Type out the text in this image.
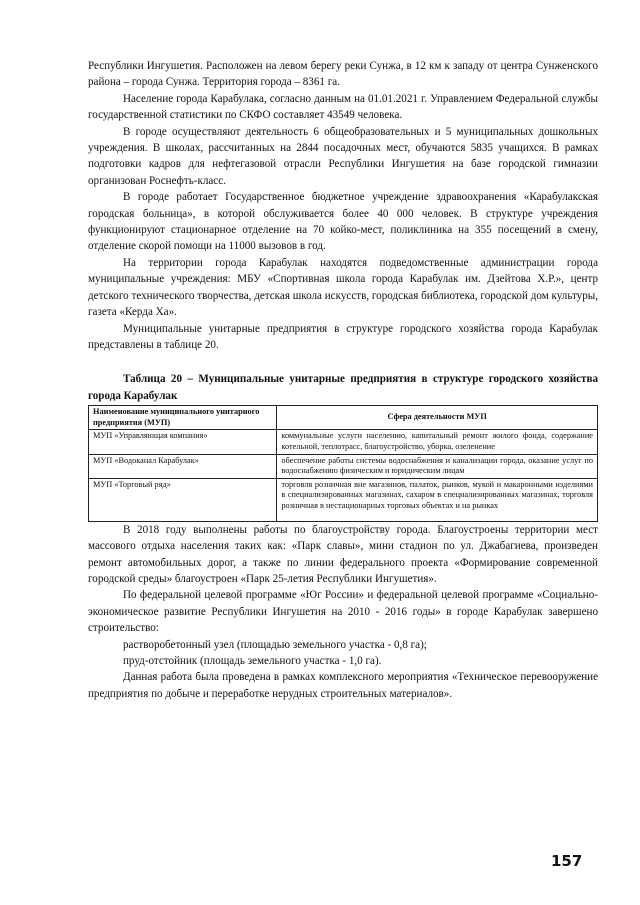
Республики Ингушетия. Расположен на левом берегу реки Сунжа, в 12 км к западу от центра Сунженского района – города Сунжа. Территория города – 8361 га.

Население города Карабулака, согласно данным на 01.01.2021 г. Управлением Федеральной службы государственной статистики по СКФО составляет 43549 человека.

В городе осуществляют деятельность 6 общеобразовательных и 5 муниципальных дошкольных учреждения. В школах, рассчитанных на 2844 посадочных мест, обучаются 5835 учащихся. В рамках подготовки кадров для нефтегазовой отрасли Республики Ингушетия на базе городской гимназии организован Роснефть-класс.

В городе работает Государственное бюджетное учреждение здравоохранения «Карабулакская городская больница», в которой обслуживается более 40 000 человек. В структуре учреждения функционируют стационарное отделение на 70 койко-мест, поликлиника на 355 посещений в смену, отделение скорой помощи на 11000 вызовов в год.

На территории города Карабулак находятся подведомственные администрации города муниципальные учреждения: МБУ «Спортивная школа города Карабулак им. Дзейтова Х.Р.», центр детского технического творчества, детская школа искусств, городская библиотека, городской дом культуры, газета «Керда Ха».

Муниципальные унитарные предприятия в структуре городского хозяйства города Карабулак представлены в таблице 20.

Таблица 20 – Муниципальные унитарные предприятия в структуре городского хозяйства города Карабулак
Наименование муниципального унитарного предприятия (МУП)	Сфера деятельности МУП
МУП «Управляющая компания»	коммунальные услуги населению, капитальный ремонт жилого фонда, содержание котельной, теплотрасс, благоустройство, уборка, озеленение
МУП «Водоканал Карабулак»	обеспечение работы системы водоснабжения и канализации города, оказание услуг по водоснабжению физическим и юридическим лицам
МУП «Торговый ряд»	торговля розничная вне магазинов, палаток, рынков, мукой и макаронными изделиями в специализированных магазинах, сахаром в специализированных магазинах, торговля розничная в нестационарных торговых объектах и на рынках

В 2018 году выполнены работы по благоустройству города. Благоустроены территории мест массового отдыха населения таких как: «Парк славы», мини стадион по ул. Джабагиева, произведен ремонт автомобильных дорог, а также по линии федерального проекта «Формирование современной городской среды» благоустроен «Парк 25-летия Республики Ингушетия».

По федеральной целевой программе «Юг России» и федеральной целевой программе «Социально-экономическое развитие Республики Ингушетия на 2010 - 2016 годы» в городе Карабулак завершено строительство:

растворобетонный узел (площадью земельного участка - 0,8 га);

пруд-отстойник (площадь земельного участка - 1,0 га).

Данная работа была проведена в рамках комплексного мероприятия «Техническое перевооружение предприятия по добыче и переработке нерудных строительных материалов».

157
